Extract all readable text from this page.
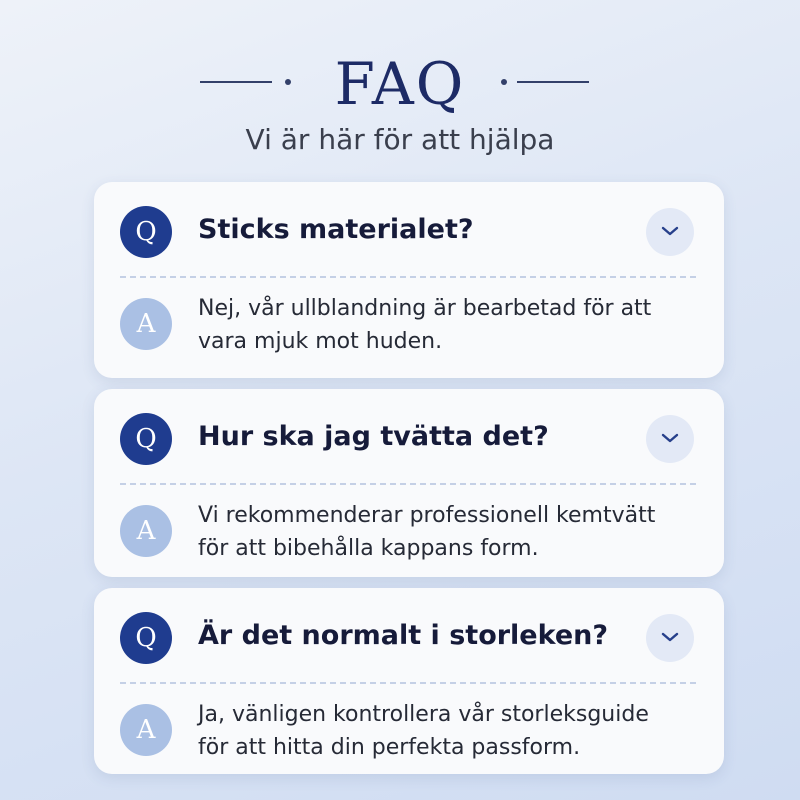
FAQ
Vi är här för att hjälpa
Q	Sticks materialet?
A
Nej, vår ullblandning är bearbetad för att
vara mjuk mot huden.
Q	Hur ska jag tvätta det?
A
Vi rekommenderar professionell kemtvätt
för att bibehålla kappans form.
Q	Är det normalt i storleken?
A
Ja, vänligen kontrollera vår storleksguide
för att hitta din perfekta passform.
